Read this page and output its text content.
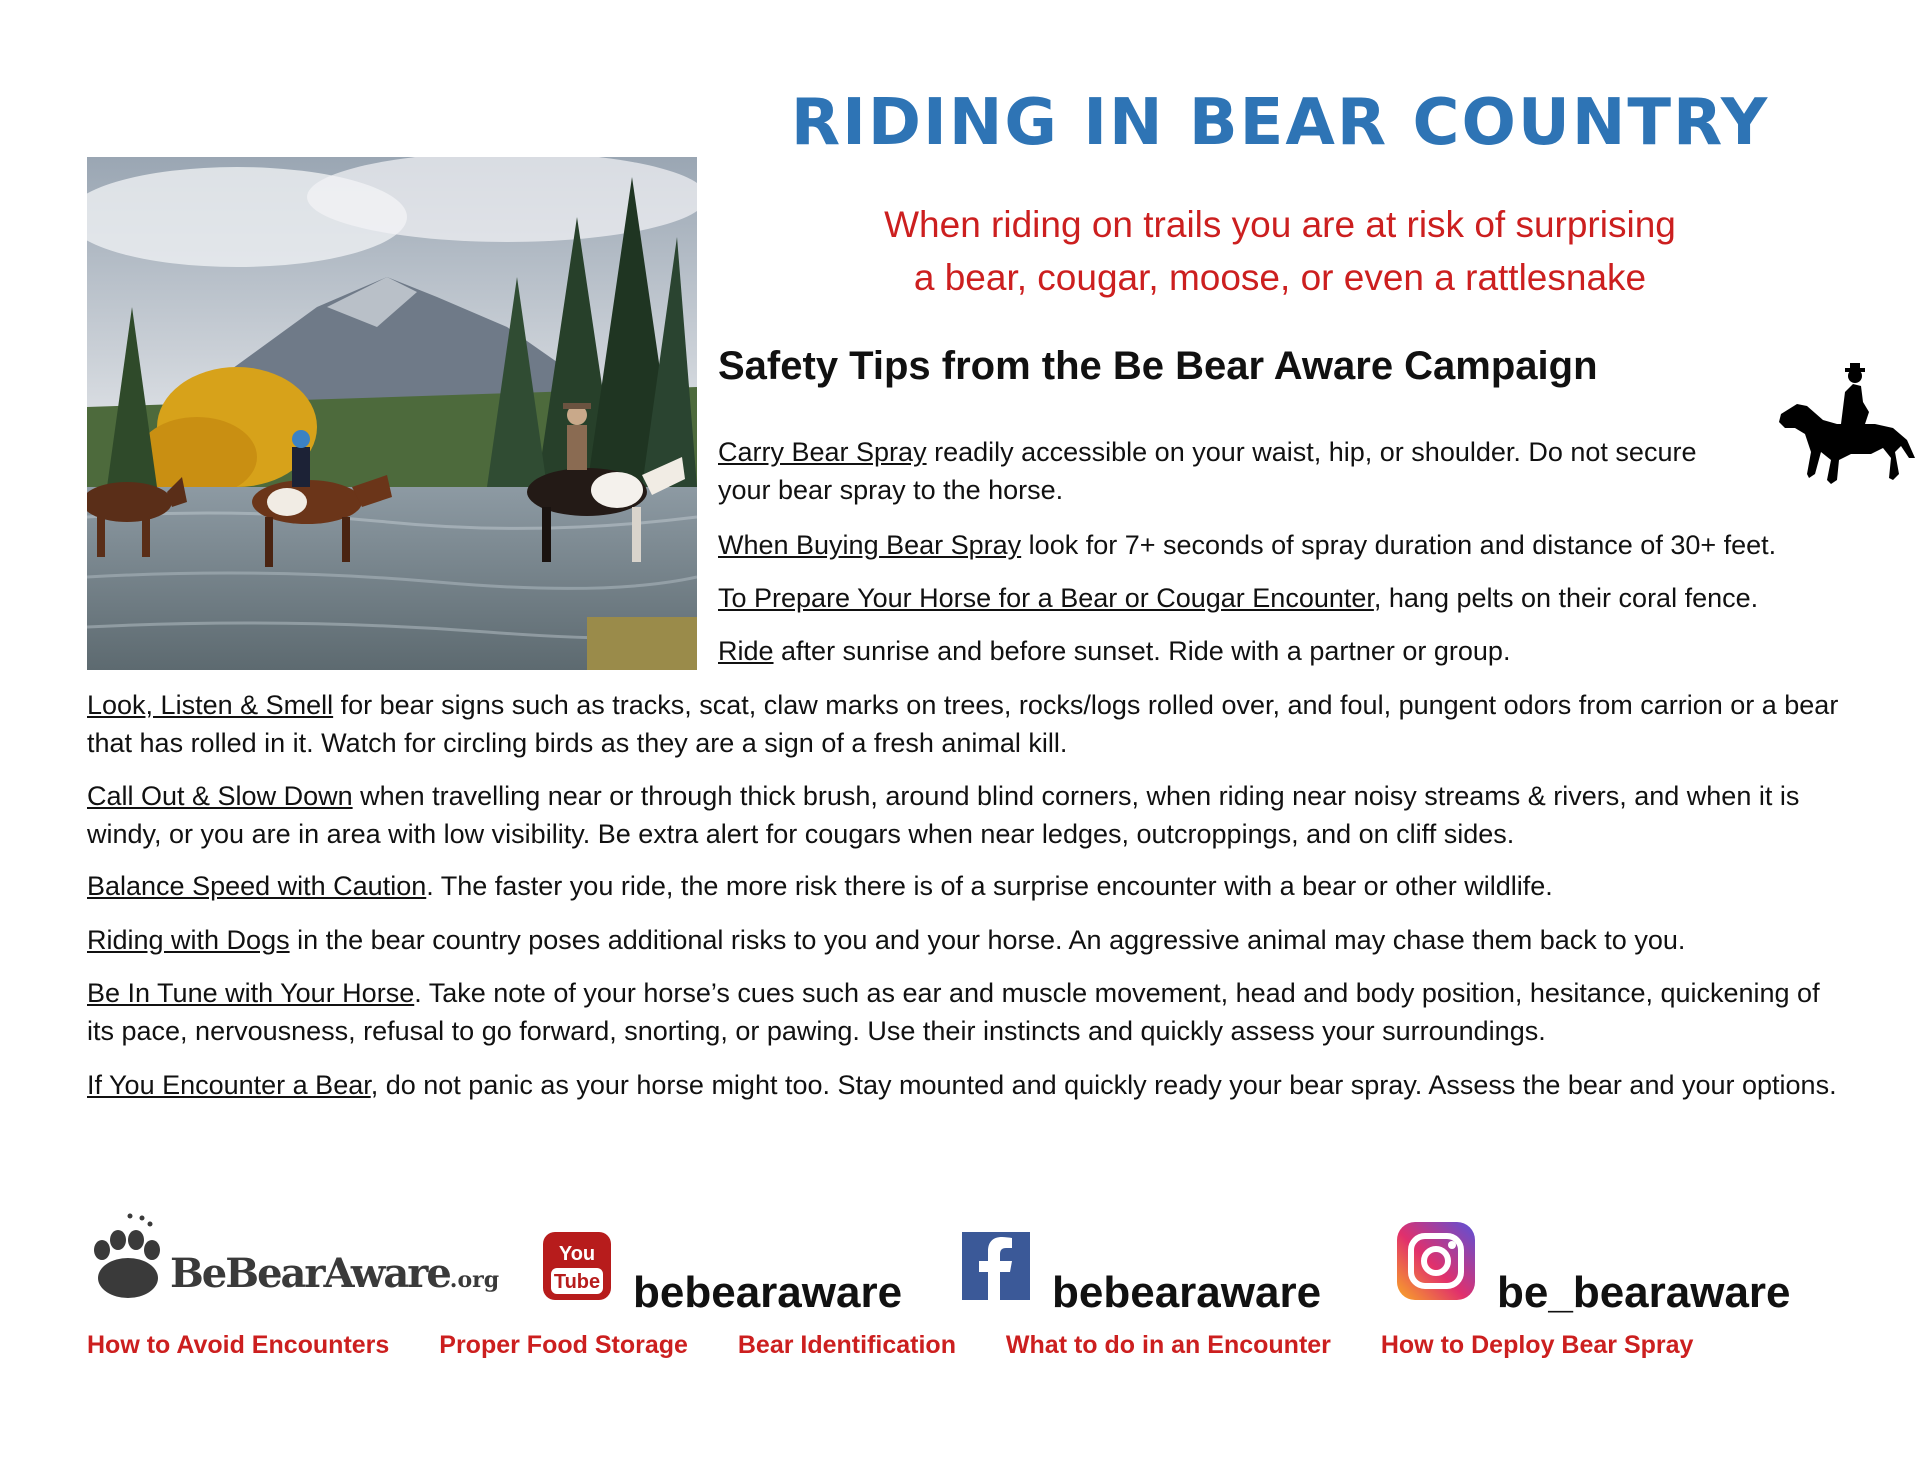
RIDING IN BEAR COUNTRY
When riding on trails you are at risk of surprising
a bear, cougar, moose, or even a rattlesnake
Safety Tips from the Be Bear Aware Campaign

Carry Bear Spray readily accessible on your waist, hip, or shoulder. Do not secure your bear spray to the horse.

When Buying Bear Spray look for 7+ seconds of spray duration and distance of 30+ feet.

To Prepare Your Horse for a Bear or Cougar Encounter, hang pelts on their coral fence.

Ride after sunrise and before sunset. Ride with a partner or group.

Look, Listen & Smell for bear signs such as tracks, scat, claw marks on trees, rocks/logs rolled over, and foul, pungent odors from carrion or a bear that has rolled in it. Watch for circling birds as they are a sign of a fresh animal kill.

Call Out & Slow Down when travelling near or through thick brush, around blind corners, when riding near noisy streams & rivers, and when it is windy, or you are in area with low visibility. Be extra alert for cougars when near ledges, outcroppings, and on cliff sides.

Balance Speed with Caution. The faster you ride, the more risk there is of a surprise encounter with a bear or other wildlife.

Riding with Dogs in the bear country poses additional risks to you and your horse. An aggressive animal may chase them back to you.

Be In Tune with Your Horse. Take note of your horse’s cues such as ear and muscle movement, head and body position, hesitance, quickening of its pace, nervousness, refusal to go forward, snorting, or pawing. Use their instincts and quickly assess your surroundings.

If You Encounter a Bear, do not panic as your horse might too. Stay mounted and quickly ready your bear spray. Assess the bear and your options.

BeBearAware.org
You
Tube bebearaware	bebearaware	be_bearaware
How to Avoid Encounters Proper Food Storage Bear Identification What to do in an Encounter How to Deploy Bear Spray
